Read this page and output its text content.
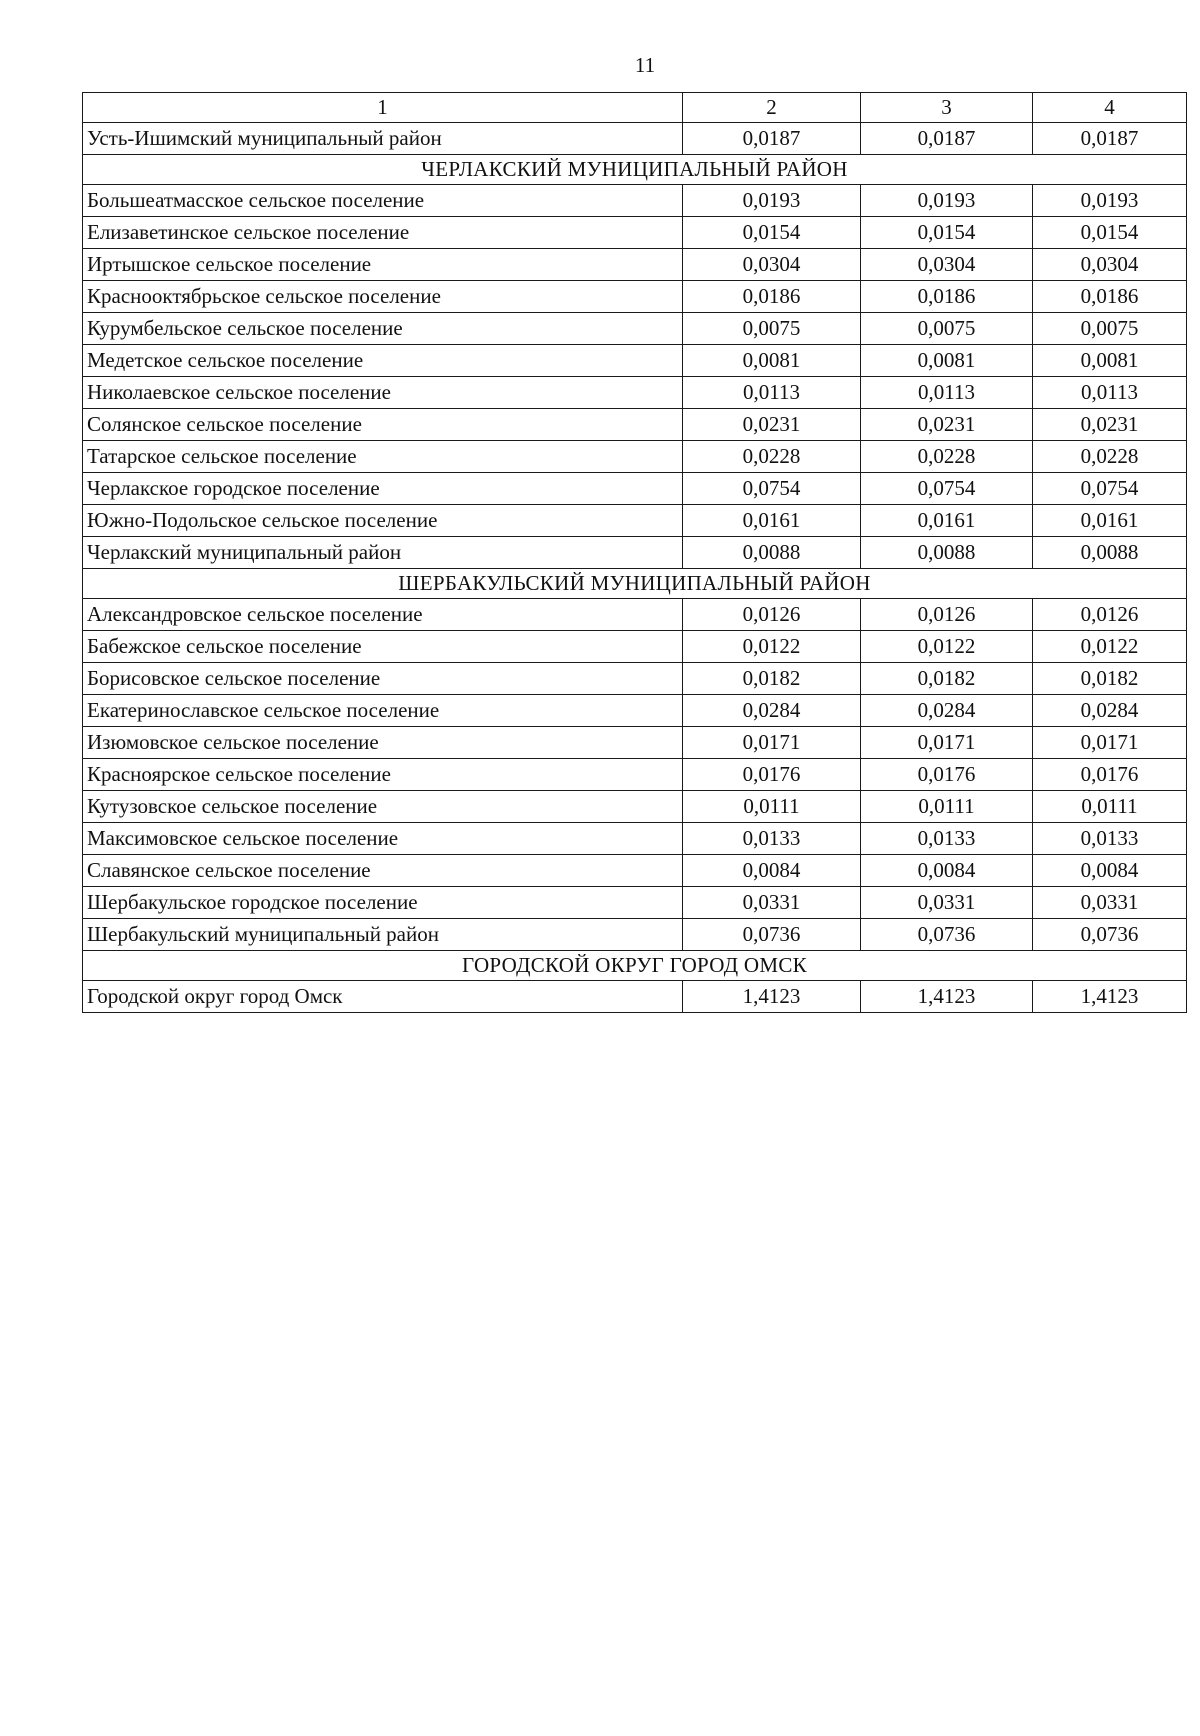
11
1	2	3	4
Усть-Ишимский муниципальный район	0,0187	0,0187	0,0187
ЧЕРЛАКСКИЙ МУНИЦИПАЛЬНЫЙ РАЙОН			
Большеатмасское сельское поселение	0,0193	0,0193	0,0193
Елизаветинское сельское поселение	0,0154	0,0154	0,0154
Иртышское сельское поселение	0,0304	0,0304	0,0304
Краснооктябрьское сельское поселение	0,0186	0,0186	0,0186
Курумбельское сельское поселение	0,0075	0,0075	0,0075
Медетское сельское поселение	0,0081	0,0081	0,0081
Николаевское сельское поселение	0,0113	0,0113	0,0113
Солянское сельское поселение	0,0231	0,0231	0,0231
Татарское сельское поселение	0,0228	0,0228	0,0228
Черлакское городское поселение	0,0754	0,0754	0,0754
Южно-Подольское сельское поселение	0,0161	0,0161	0,0161
Черлакский муниципальный район	0,0088	0,0088	0,0088
ШЕРБАКУЛЬСКИЙ МУНИЦИПАЛЬНЫЙ РАЙОН			
Александровское сельское поселение	0,0126	0,0126	0,0126
Бабежское сельское поселение	0,0122	0,0122	0,0122
Борисовское сельское поселение	0,0182	0,0182	0,0182
Екатеринославское сельское поселение	0,0284	0,0284	0,0284
Изюмовское сельское поселение	0,0171	0,0171	0,0171
Красноярское сельское поселение	0,0176	0,0176	0,0176
Кутузовское сельское поселение	0,0111	0,0111	0,0111
Максимовское сельское поселение	0,0133	0,0133	0,0133
Славянское сельское поселение	0,0084	0,0084	0,0084
Шербакульское городское поселение	0,0331	0,0331	0,0331
Шербакульский муниципальный район	0,0736	0,0736	0,0736
ГОРОДСКОЙ ОКРУГ ГОРОД ОМСК			
Городской округ город Омск	1,4123	1,4123	1,4123
